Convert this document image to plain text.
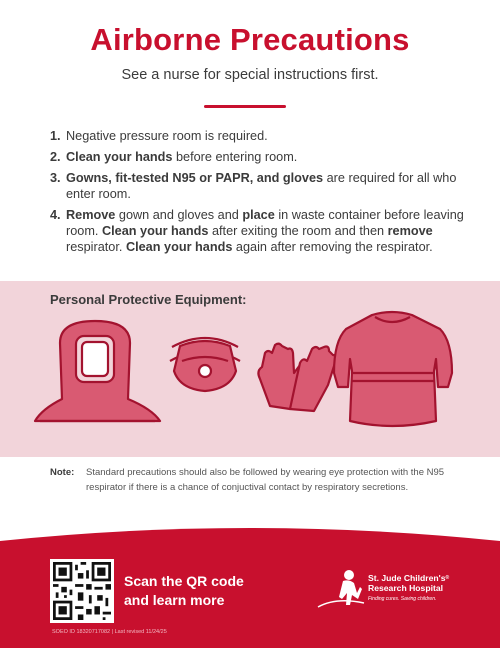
Airborne Precautions
See a nurse for special instructions first.
1. Negative pressure room is required.
2. Clean your hands before entering room.
3. Gowns, fit-tested N95 or PAPR, and gloves are required for all who enter room.
4. Remove gown and gloves and place in waste container before leaving room. Clean your hands after exiting the room and then remove respirator. Clean your hands again after removing the respirator.
Personal Protective Equipment:
Note:	Standard precautions should also be followed by wearing eye protection with the N95 respirator if there is a chance of conjuctival contact by respiratory secretions.
Scan the QR code
and learn more
SOEO ID 18320717082 | Last revised 11/24/25
St. Jude Children's®
Research Hospital
Finding cures. Saving children.
